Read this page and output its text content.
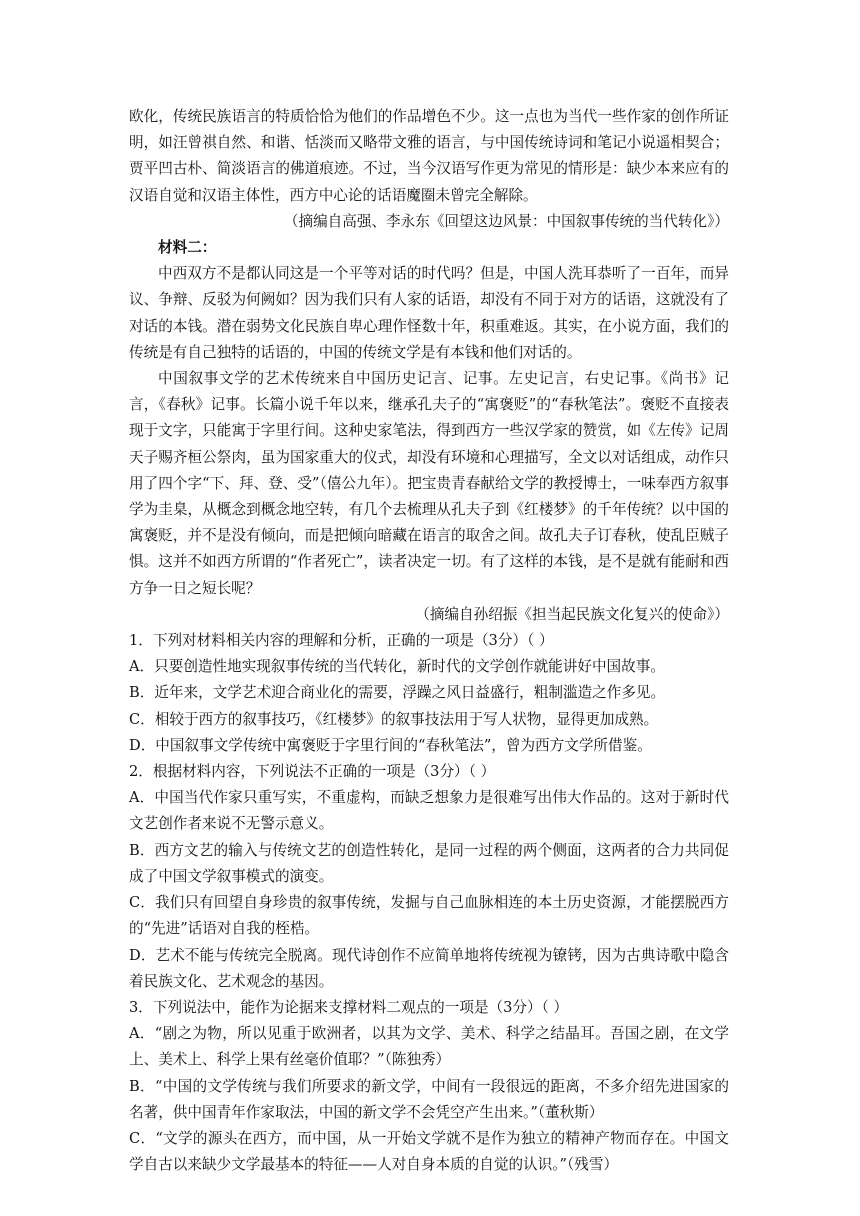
欧化，传统民族语言的特质恰恰为他们的作品增色不少。这一点也为当代一些作家的创作所证明，如汪曾祺自然、和谐、恬淡而又略带文雅的语言，与中国传统诗词和笔记小说遥相契合；贾平凹古朴、简淡语言的佛道痕迹。不过，当今汉语写作更为常见的情形是：缺少本来应有的汉语自觉和汉语主体性，西方中心论的话语魔圈未曾完全解除。

（摘编自高强、李永东《回望这边风景：中国叙事传统的当代转化》）

材料二：

中西双方不是都认同这是一个平等对话的时代吗？但是，中国人洗耳恭听了一百年，而异议、争辩、反驳为何阙如？因为我们只有人家的话语，却没有不同于对方的话语，这就没有了对话的本钱。潜在弱势文化民族自卑心理作怪数十年，积重难返。其实，在小说方面，我们的传统是有自己独特的话语的，中国的传统文学是有本钱和他们对话的。

中国叙事文学的艺术传统来自中国历史记言、记事。左史记言，右史记事。《尚书》记言，《春秋》记事。长篇小说千年以来，继承孔夫子的“寓褒贬”的“春秋笔法”。褒贬不直接表现于文字，只能寓于字里行间。这种史家笔法，得到西方一些汉学家的赞赏，如《左传》记周天子赐齐桓公祭肉，虽为国家重大的仪式，却没有环境和心理描写，全文以对话组成，动作只用了四个字“下、拜、登、受”（僖公九年）。把宝贵青春献给文学的教授博士，一味奉西方叙事学为圭臬，从概念到概念地空转，有几个去梳理从孔夫子到《红楼梦》的千年传统？以中国的寓褒贬，并不是没有倾向，而是把倾向暗藏在语言的取舍之间。故孔夫子订春秋，使乱臣贼子惧。这并不如西方所谓的“作者死亡”，读者决定一切。有了这样的本钱，是不是就有能耐和西方争一日之短长呢？

（摘编自孙绍振《担当起民族文化复兴的使命》）

1．下列对材料相关内容的理解和分析，正确的一项是（3分）（ ）

A．只要创造性地实现叙事传统的当代转化，新时代的文学创作就能讲好中国故事。

B．近年来，文学艺术迎合商业化的需要，浮躁之风日益盛行，粗制滥造之作多见。

C．相较于西方的叙事技巧，《红楼梦》的叙事技法用于写人状物，显得更加成熟。

D．中国叙事文学传统中寓褒贬于字里行间的“春秋笔法”，曾为西方文学所借鉴。

2．根据材料内容，下列说法不正确的一项是（3分）（ ）

A．中国当代作家只重写实，不重虚构，而缺乏想象力是很难写出伟大作品的。这对于新时代文艺创作者来说不无警示意义。

B．西方文艺的输入与传统文艺的创造性转化，是同一过程的两个侧面，这两者的合力共同促成了中国文学叙事模式的演变。

C．我们只有回望自身珍贵的叙事传统，发掘与自己血脉相连的本土历史资源，才能摆脱西方的“先进”话语对自我的桎梏。

D．艺术不能与传统完全脱离。现代诗创作不应简单地将传统视为镣铐，因为古典诗歌中隐含着民族文化、艺术观念的基因。

3．下列说法中，能作为论据来支撑材料二观点的一项是（3分）（ ）

A．“剧之为物，所以见重于欧洲者，以其为文学、美术、科学之结晶耳。吾国之剧，在文学上、美术上、科学上果有丝毫价值耶？”（陈独秀）

B．“中国的文学传统与我们所要求的新文学，中间有一段很远的距离，不多介绍先进国家的名著，供中国青年作家取法，中国的新文学不会凭空产生出来。”（董秋斯）

C．“文学的源头在西方，而中国，从一开始文学就不是作为独立的精神产物而存在。中国文学自古以来缺少文学最基本的特征——人对自身本质的自觉的认识。”（残雪）
